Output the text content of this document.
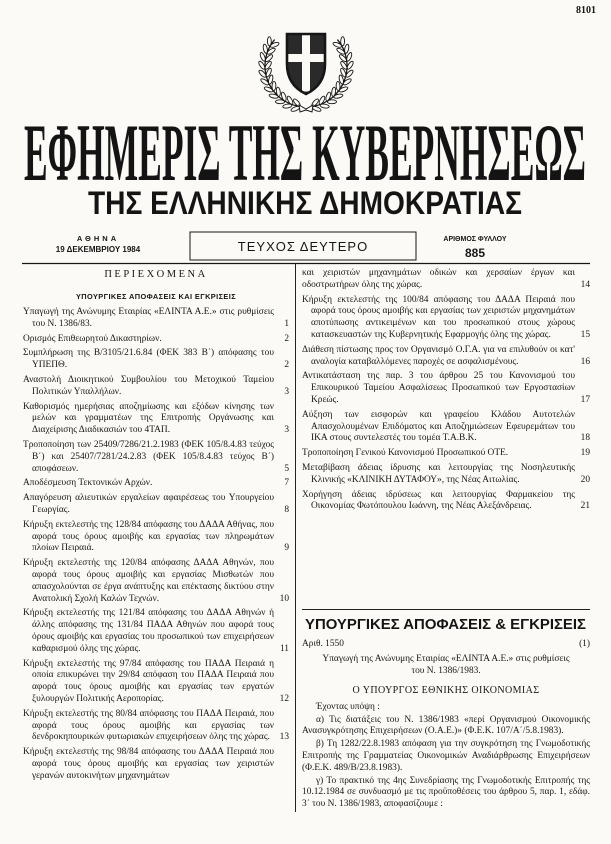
8101
ΕΦΗΜΕΡΙΣ ΤΗΣ ΚΥΒΕΡΝΗΣΕΩΣ
ΤΗΣ ΕΛΛΗΝΙΚΗΣ ΔΗΜΟΚΡΑΤΙΑΣ
ΑΘΗΝΑ
19 ΔΕΚΕΜΒΡΙΟΥ 1984	ΤΕΥΧΟΣ ΔΕΥΤΕΡΟ	ΑΡΙΘΜΟΣ ΦΥΛΛΟΥ
885
ΠΕΡΙΕΧΟΜΕΝΑ
ΥΠΟΥΡΓΙΚΕΣ ΑΠΟΦΑΣΕΙΣ ΚΑΙ ΕΓΚΡΙΣΕΙΣ
Υπαγωγή της Ανώνυμης Εταιρίας «ΕΛΙΝΤΑ Α.Ε.» στις ρυθμίσεις του Ν. 1386/83.	1
Ορισμός Επιθεωρητού Δικαστηρίων.	2
Συμπλήρωση της Β/3105/21.6.84 (ΦΕΚ 383 Β΄) απόφασης του ΥΠΕΠΘ.	2
Αναστολή Διοικητικού Συμβουλίου του Μετοχικού Ταμείου Πολιτικών Υπαλλήλων.	3
Καθορισμός ημερήσιας αποζημίωσης και εξόδων κίνησης των μελών και γραμματέων της Επιτροπής Οργάνωσης και Διαχείρισης Διαδικασιών του 4ΤΑΠ.	3
Τροποποίηση των 25409/7286/21.2.1983 (ΦΕΚ 105/8.4.83 τεύχος Β΄) και 25407/7281/24.2.83 (ΦΕΚ 105/8.4.83 τεύχος Β΄) αποφάσεων.	5
Αποδέσμευση Τεκτονικών Αρχών.	7
Απαγόρευση αλιευτικών εργαλείων αφαιρέσεως του Υπουργείου Γεωργίας.	8
Κήρυξη εκτελεστής της 128/84 απόφασης του ΔΑΔΑ Αθήνας, που αφορά τους όρους αμοιβής και εργασίας των πληρωμάτων πλοίων Πειραιά.	9
Κήρυξη εκτελεστής της 120/84 απόφασης ΔΑΔΑ Αθηνών, που αφορά τους όρους αμοιβής και εργασίας Μισθωτών που απασχολούνται σε έργα ανάπτυξης και επέκτασης δικτύου στην Ανατολική Σχολή Καλών Τεχνών.	10
Κήρυξη εκτελεστής της 121/84 απόφασης του ΔΑΔΑ Αθηνών ή άλλης απόφασης της 131/84 ΠΑΔΑ Αθηνών που αφορά τους όρους αμοιβής και εργασίας του προσωπικού των επιχειρήσεων καθαρισμού όλης της χώρας.	11
Κήρυξη εκτελεστής της 97/84 απόφασης του ΠΑΔΑ Πειραιά η οποία επικυρώνει την 29/84 απόφαση του ΠΑΔΑ Πειραιά που αφορά τους όρους αμοιβής και εργασίας των εργατών ξυλουργών Πολιτικής Αεροπορίας.	12
Κήρυξη εκτελεστής της 80/84 απόφασης του ΠΑΔΑ Πειραιά, που αφορά τους όρους αμοιβής και εργασίας των δενδροκηπουρικών φυτωριακών επιχειρήσεων όλης της χώρας. 13
Κήρυξη εκτελεστής της 98/84 απόφασης του ΔΑΔΑ Πειραιά που αφορά τους όρους αμοιβής και εργασίας των χειριστών γερανών αυτοκινήτων μηχανημάτων
και χειριστών μηχανημάτων οδικών και χερσαίων έργων και οδοστρωτήρων όλης της χώρας.	14
Κήρυξη εκτελεστής της 100/84 απόφασης του ΔΑΔΑ Πειραιά που αφορά τους όρους αμοιβής και εργασίας των χειριστών μηχανημάτων αποτύπωσης αντικειμένων και του προσωπικού στους χώρους κατασκευαστών της Κυβερνητικής Εφαρμογής όλης της χώρας.	15
Διάθεση πίστωσης προς τον Οργανισμό Ο.Γ.Α. για να επιλυθούν οι κατ' αναλογία καταβαλλόμενες παροχές σε ασφαλισμένους.	16
Αντικατάσταση της παρ. 3 του άρθρου 25 του Κανονισμού του Επικουρικού Ταμείου Ασφαλίσεως Προσωπικού των Εργοστασίων Κρεώς.	17
Αύξηση των εισφορών και γραφείου Κλάδου Αυτοτελών Απασχολουμένων Επιδόματος και Αποζημιώσεων Εφευρεμάτων του ΙΚΑ στους συντελεστές του τομέα Τ.Α.Β.Κ.	18
Τροποποίηση Γενικού Κανονισμού Προσωπικού ΟΤΕ.	19
Μεταβίβαση άδειας ίδρυσης και λειτουργίας της Νοσηλευτικής Κλινικής «ΚΛΙΝΙΚΗ ΔΥΤΑΦΟΥ», της Νέας Αιτωλίας.	20
Χορήγηση άδειας ιδρύσεως και λειτουργίας Φαρμακείου της Οικονομίας Φωτόπουλου Ιωάννη, της Νέας Αλεξάνδρειας.	21
ΥΠΟΥΡΓΙΚΕΣ ΑΠΟΦΑΣΕΙΣ & ΕΓΚΡΙΣΕΙΣ
Αριθ. 1550	(1)
Υπαγωγή της Ανώνυμης Εταιρίας «ΕΛΙΝΤΑ Α.Ε.» στις ρυθμίσεις του Ν. 1386/1983.
Ο ΥΠΟΥΡΓΟΣ ΕΘΝΙΚΗΣ ΟΙΚΟΝΟΜΙΑΣ
Έχοντας υπόψη :
α) Τις διατάξεις του Ν. 1386/1983 «περί Οργανισμού Οικονομικής Ανασυγκρότησης Επιχειρήσεων (Ο.Α.Ε.)» (Φ.Ε.Κ. 107/Α΄/5.8.1983).
β) Τη 1282/22.8.1983 απόφαση για την συγκρότηση της Γνωμοδοτικής Επιτροπής της Γραμματείας Οικονομικών Αναδιάρθρωσης Επιχειρήσεων (Φ.Ε.Κ. 489/Β/23.8.1983).
γ) Το πρακτικό της 4ης Συνεδρίασης της Γνωμοδοτικής Επιτροπής της 10.12.1984 σε συνδυασμό με τις προϋποθέσεις του άρθρου 5, παρ. 1, εδάφ. 3΄ του Ν. 1386/1983, αποφασίζουμε :
